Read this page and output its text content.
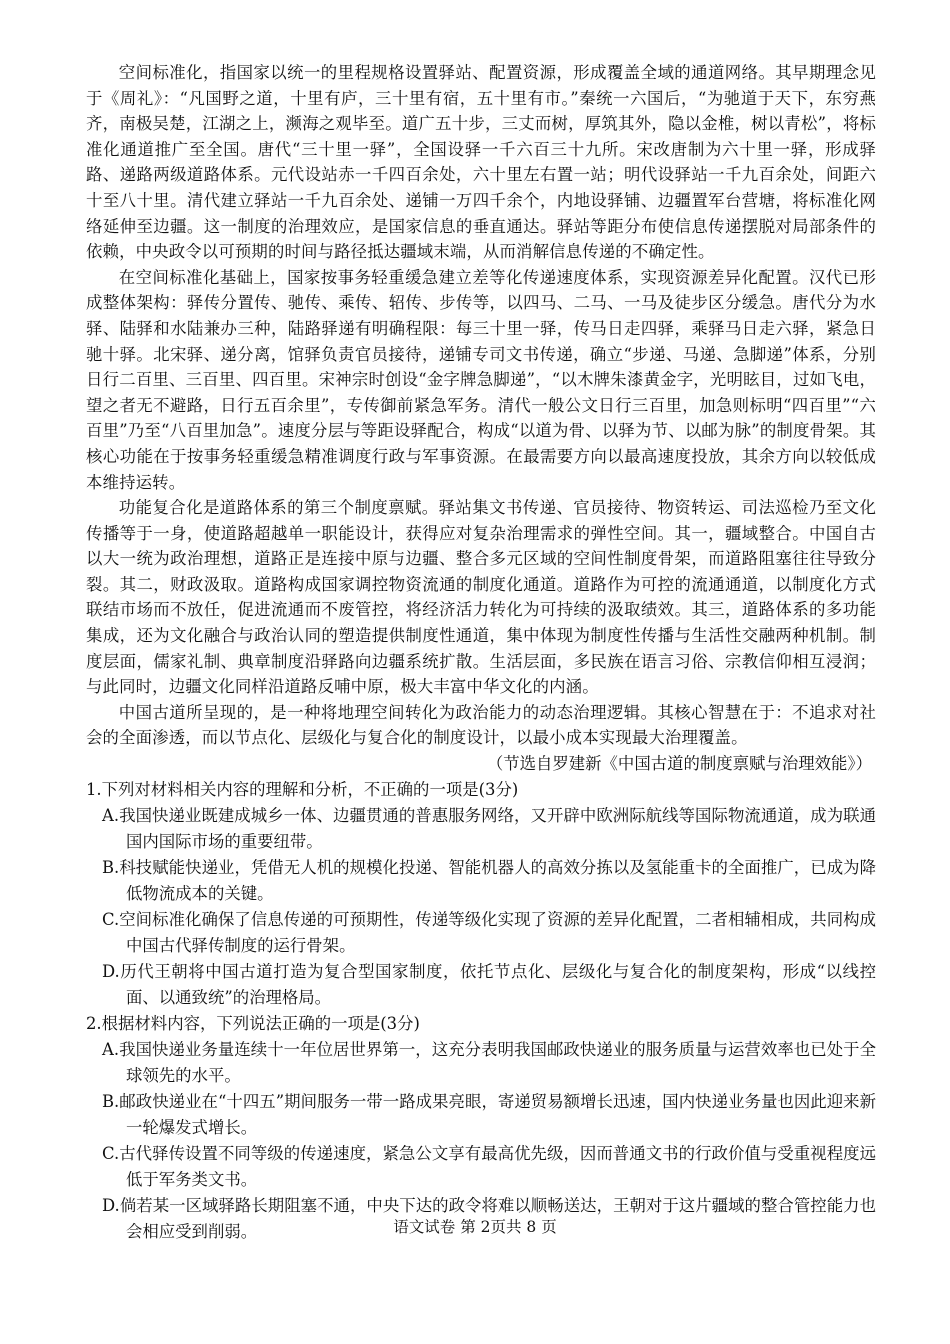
空间标准化，指国家以统一的里程规格设置驿站、配置资源，形成覆盖全域的通道网络。其早期理念见于《周礼》：“凡国野之道，十里有庐，三十里有宿，五十里有市。”秦统一六国后，“为驰道于天下，东穷燕齐，南极吴楚，江湖之上，濒海之观毕至。道广五十步，三丈而树，厚筑其外，隐以金椎，树以青松”，将标准化通道推广至全国。唐代“三十里一驿”，全国设驿一千六百三十九所。宋改唐制为六十里一驿，形成驿路、递路两级道路体系。元代设站赤一千四百余处，六十里左右置一站；明代设驿站一千九百余处，间距六十至八十里。清代建立驿站一千九百余处、递铺一万四千余个，内地设驿铺、边疆置军台营塘，将标准化网络延伸至边疆。这一制度的治理效应，是国家信息的垂直通达。驿站等距分布使信息传递摆脱对局部条件的依赖，中央政令以可预期的时间与路径抵达疆域末端，从而消解信息传递的不确定性。

在空间标准化基础上，国家按事务轻重缓急建立差等化传递速度体系，实现资源差异化配置。汉代已形成整体架构：驿传分置传、驰传、乘传、轺传、步传等，以四马、二马、一马及徒步区分缓急。唐代分为水驿、陆驿和水陆兼办三种，陆路驿递有明确程限：每三十里一驿，传马日走四驿，乘驿马日走六驿，紧急日驰十驿。北宋驿、递分离，馆驿负责官员接待，递铺专司文书传递，确立“步递、马递、急脚递”体系，分别日行二百里、三百里、四百里。宋神宗时创设“金字牌急脚递”，“以木牌朱漆黄金字，光明眩目，过如飞电，望之者无不避路，日行五百余里”，专传御前紧急军务。清代一般公文日行三百里，加急则标明“四百里”“六百里”乃至“八百里加急”。速度分层与等距设驿配合，构成“以道为骨、以驿为节、以邮为脉”的制度骨架。其核心功能在于按事务轻重缓急精准调度行政与军事资源。在最需要方向以最高速度投放，其余方向以较低成本维持运转。

功能复合化是道路体系的第三个制度禀赋。驿站集文书传递、官员接待、物资转运、司法巡检乃至文化传播等于一身，使道路超越单一职能设计，获得应对复杂治理需求的弹性空间。其一，疆域整合。中国自古以大一统为政治理想，道路正是连接中原与边疆、整合多元区域的空间性制度骨架，而道路阻塞往往导致分裂。其二，财政汲取。道路构成国家调控物资流通的制度化通道。道路作为可控的流通通道，以制度化方式联结市场而不放任，促进流通而不废管控，将经济活力转化为可持续的汲取绩效。其三，道路体系的多功能集成，还为文化融合与政治认同的塑造提供制度性通道，集中体现为制度性传播与生活性交融两种机制。制度层面，儒家礼制、典章制度沿驿路向边疆系统扩散。生活层面，多民族在语言习俗、宗教信仰相互浸润；与此同时，边疆文化同样沿道路反哺中原，极大丰富中华文化的内涵。

中国古道所呈现的，是一种将地理空间转化为政治能力的动态治理逻辑。其核心智慧在于：不追求对社会的全面渗透，而以节点化、层级化与复合化的制度设计，以最小成本实现最大治理覆盖。

（节选自罗建新《中国古道的制度禀赋与治理效能》）

1.下列对材料相关内容的理解和分析，不正确的一项是(3分)

A.我国快递业既建成城乡一体、边疆贯通的普惠服务网络，又开辟中欧洲际航线等国际物流通道，成为联通国内国际市场的重要纽带。

B.科技赋能快递业，凭借无人机的规模化投递、智能机器人的高效分拣以及氢能重卡的全面推广，已成为降低物流成本的关键。

C.空间标准化确保了信息传递的可预期性，传递等级化实现了资源的差异化配置，二者相辅相成，共同构成中国古代驿传制度的运行骨架。

D.历代王朝将中国古道打造为复合型国家制度，依托节点化、层级化与复合化的制度架构，形成“以线控面、以通致统”的治理格局。

2.根据材料内容，下列说法正确的一项是(3分)

A.我国快递业务量连续十一年位居世界第一，这充分表明我国邮政快递业的服务质量与运营效率也已处于全球领先的水平。

B.邮政快递业在“十四五”期间服务一带一路成果亮眼，寄递贸易额增长迅速，国内快递业务量也因此迎来新一轮爆发式增长。

C.古代驿传设置不同等级的传递速度，紧急公文享有最高优先级，因而普通文书的行政价值与受重视程度远低于军务类文书。

D.倘若某一区域驿路长期阻塞不通，中央下达的政令将难以顺畅送达，王朝对于这片疆域的整合管控能力也会相应受到削弱。	语文试卷 第 2页共 8 页
